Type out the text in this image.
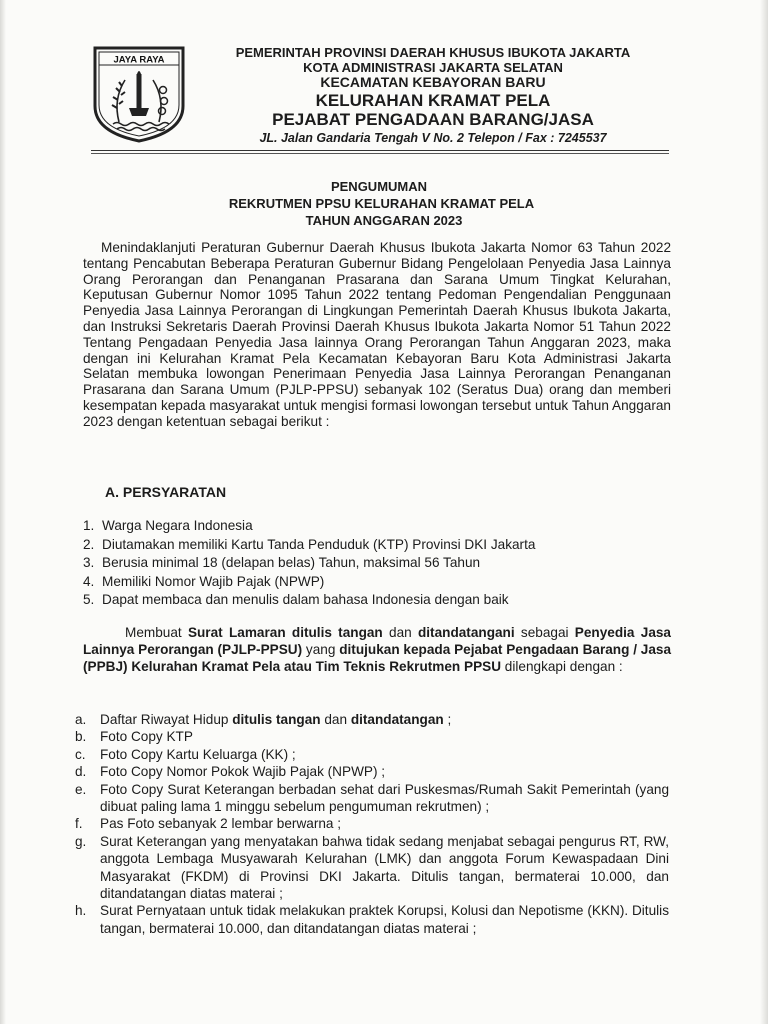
JAYA RAYA	PEMERINTAH PROVINSI DAERAH KHUSUS IBUKOTA JAKARTA
KOTA ADMINISTRASI JAKARTA SELATAN
KECAMATAN KEBAYORAN BARU
KELURAHAN KRAMAT PELA
PEJABAT PENGADAAN BARANG/JASA
JL. Jalan Gandaria Tengah V No. 2 Telepon / Fax : 7245537
PENGUMUMAN
REKRUTMEN PPSU KELURAHAN KRAMAT PELA
TAHUN ANGGARAN 2023
Menindaklanjuti Peraturan Gubernur Daerah Khusus Ibukota Jakarta Nomor 63 Tahun 2022 tentang Pencabutan Beberapa Peraturan Gubernur Bidang Pengelolaan Penyedia Jasa Lainnya Orang Perorangan dan Penanganan Prasarana dan Sarana Umum Tingkat Kelurahan, Keputusan Gubernur Nomor 1095 Tahun 2022 tentang Pedoman Pengendalian Penggunaan Penyedia Jasa Lainnya Perorangan di Lingkungan Pemerintah Daerah Khusus Ibukota Jakarta, dan Instruksi Sekretaris Daerah Provinsi Daerah Khusus Ibukota Jakarta Nomor 51 Tahun 2022 Tentang Pengadaan Penyedia Jasa lainnya Orang Perorangan Tahun Anggaran 2023, maka dengan ini Kelurahan Kramat Pela Kecamatan Kebayoran Baru Kota Administrasi Jakarta Selatan membuka lowongan Penerimaan Penyedia Jasa Lainnya Perorangan Penanganan Prasarana dan Sarana Umum (PJLP-PPSU) sebanyak 102 (Seratus Dua) orang dan memberi kesempatan kepada masyarakat untuk mengisi formasi lowongan tersebut untuk Tahun Anggaran 2023 dengan ketentuan sebagai berikut :
A. PERSYARATAN
1. Warga Negara Indonesia
2. Diutamakan memiliki Kartu Tanda Penduduk (KTP) Provinsi DKI Jakarta
3. Berusia minimal 18 (delapan belas) Tahun, maksimal 56 Tahun
4. Memiliki Nomor Wajib Pajak (NPWP)
5. Dapat membaca dan menulis dalam bahasa Indonesia dengan baik
Membuat Surat Lamaran ditulis tangan dan ditandatangani sebagai Penyedia Jasa Lainnya Perorangan (PJLP-PPSU) yang ditujukan kepada Pejabat Pengadaan Barang / Jasa (PPBJ) Kelurahan Kramat Pela atau Tim Teknis Rekrutmen PPSU dilengkapi dengan :
a.	Daftar Riwayat Hidup ditulis tangan dan ditandatangan ;
b.	Foto Copy KTP
c.	Foto Copy Kartu Keluarga (KK) ;
d.	Foto Copy Nomor Pokok Wajib Pajak (NPWP) ;
e.	Foto Copy Surat Keterangan berbadan sehat dari Puskesmas/Rumah Sakit Pemerintah (yang dibuat paling lama 1 minggu sebelum pengumuman rekrutmen) ;
f.	Pas Foto sebanyak 2 lembar berwarna ;
g.	Surat Keterangan yang menyatakan bahwa tidak sedang menjabat sebagai pengurus RT, RW, anggota Lembaga Musyawarah Kelurahan (LMK) dan anggota Forum Kewaspadaan Dini Masyarakat (FKDM) di Provinsi DKI Jakarta. Ditulis tangan, bermaterai 10.000, dan ditandatangan diatas materai ;
h.	Surat Pernyataan untuk tidak melakukan praktek Korupsi, Kolusi dan Nepotisme (KKN). Ditulis tangan, bermaterai 10.000, dan ditandatangan diatas materai ;
